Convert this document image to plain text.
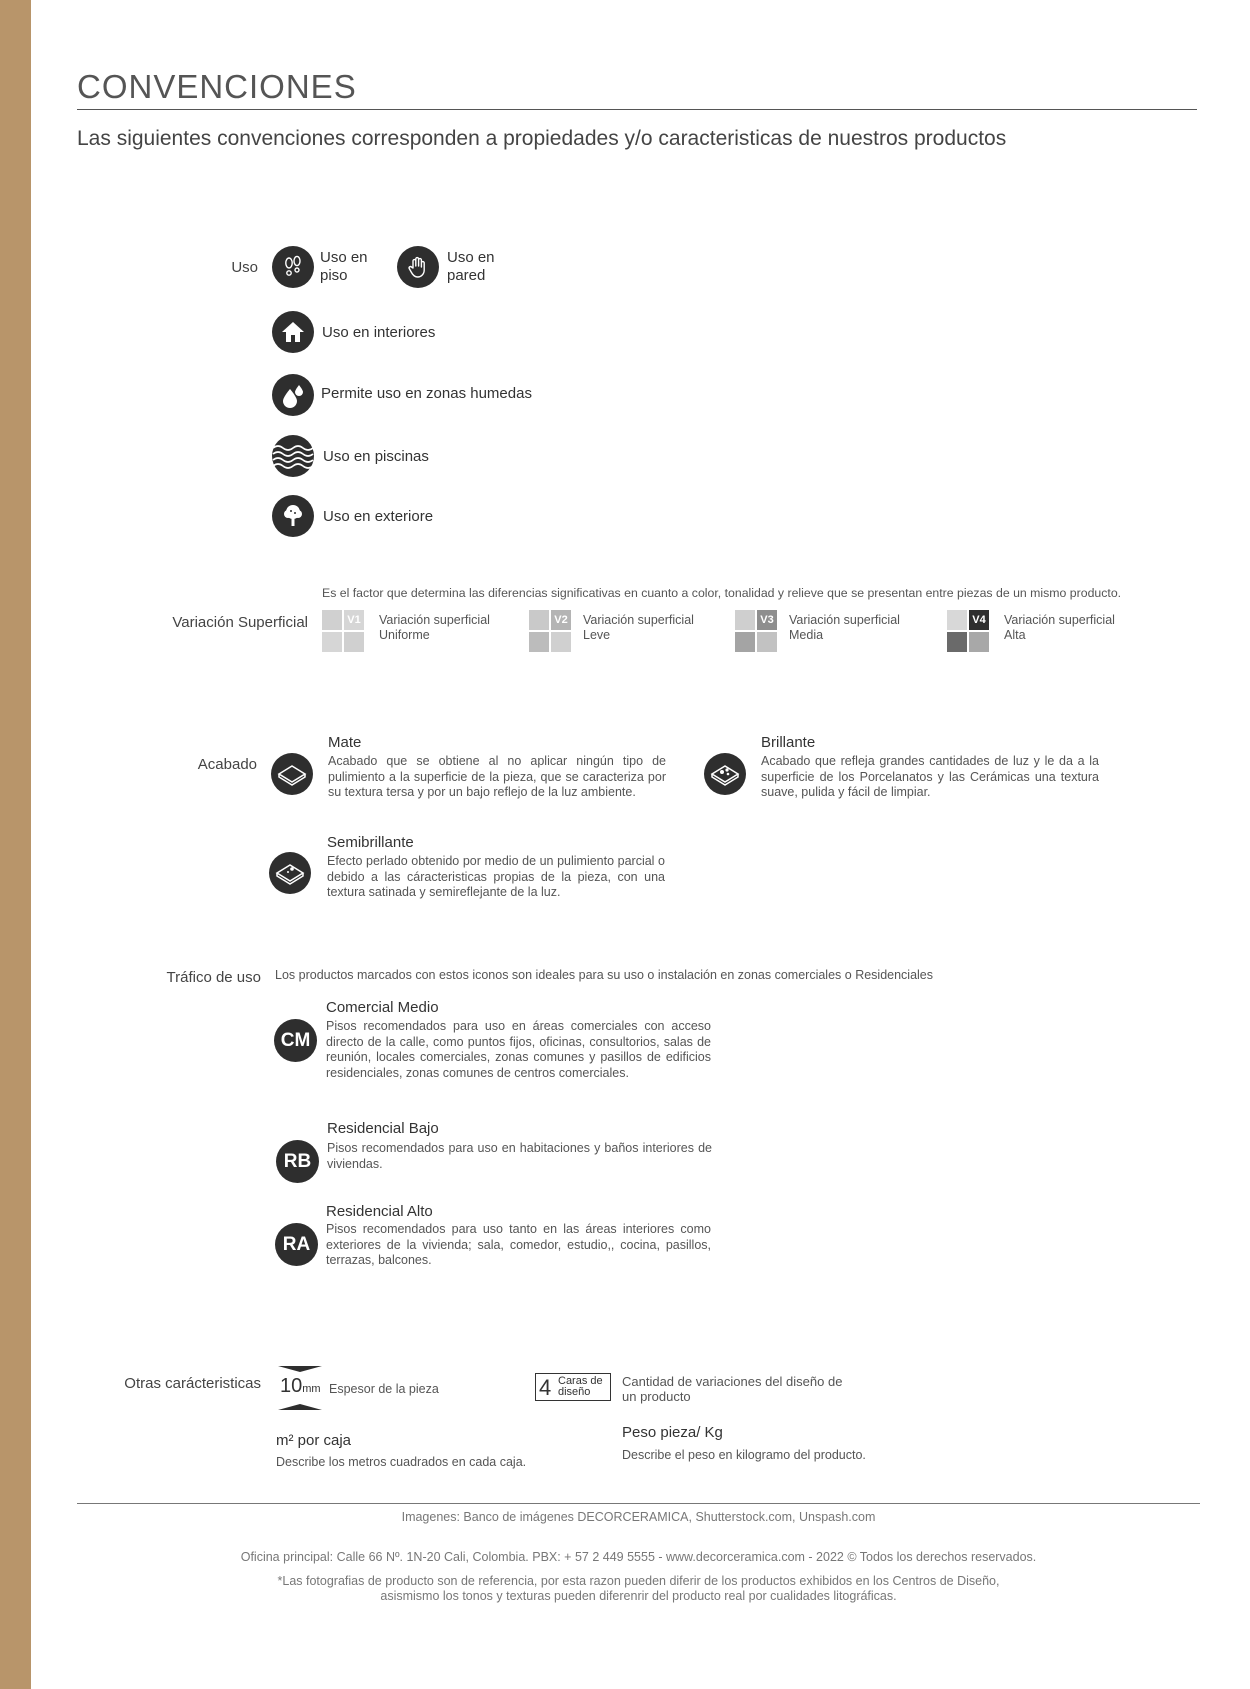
CONVENCIONES
Las siguientes convenciones corresponden a propiedades y/o caracteristicas de nuestros productos
Uso
Uso en
piso
Uso en
pared
Uso en interiores
Permite uso en zonas humedas
Uso en piscinas
Uso en exteriore
Es el factor que determina las diferencias significativas en cuanto a color, tonalidad y relieve que se presentan entre piezas de un mismo producto.
Variación Superficial	V1 Variación superficial
Uniforme
V2 Variación superficial
Leve
V3 Variación superficial
Media
V4 Variación superficial
Alta
Acabado
Mate
Acabado que se obtiene al no aplicar ningún tipo de pulimiento a la superficie de la pieza, que se caracteriza por su textura tersa y por un bajo reflejo de la luz ambiente.
Brillante
Acabado que refleja grandes cantidades de luz y le da a la superficie de los Porcelanatos y las Cerámicas una textura suave, pulida y fácil de limpiar.
Semibrillante
Efecto perlado obtenido por medio de un pulimiento parcial o debido a las cáracteristicas propias de la pieza, con una textura satinada y semireflejante de la luz.
Tráfico de uso Los productos marcados con estos iconos son ideales para su uso o instalación en zonas comerciales o Residenciales
CM
Comercial Medio
Pisos recomendados para uso en áreas comerciales con acceso directo de la calle, como puntos fijos, oficinas, consultorios, salas de reunión, locales comerciales, zonas comunes y pasillos de edificios residenciales, zonas comunes de centros comerciales.
RB
Residencial Bajo
Pisos recomendados para uso en habitaciones y baños interiores de viviendas.
RA
Residencial Alto
Pisos recomendados para uso tanto en las áreas interiores como exteriores de la vivienda; sala, comedor, estudio,, cocina, pasillos, terrazas, balcones.
Otras carácteristicas 10mm Espesor de la pieza	4 Caras de
diseño
Cantidad de variaciones del diseño de
un producto
m² por caja
Describe los metros cuadrados en cada caja.
Peso pieza/ Kg
Describe el peso en kilogramo del producto.
Imagenes: Banco de imágenes DECORCERAMICA, Shutterstock.com, Unspash.com
Oficina principal: Calle 66 Nº. 1N-20 Cali, Colombia. PBX: + 57 2 449 5555 - www.decorceramica.com - 2022 © Todos los derechos reservados.
*Las fotografias de producto son de referencia, por esta razon pueden diferir de los productos exhibidos en los Centros de Diseño,
asismismo los tonos y texturas pueden diferenrir del producto real por cualidades litográficas.
